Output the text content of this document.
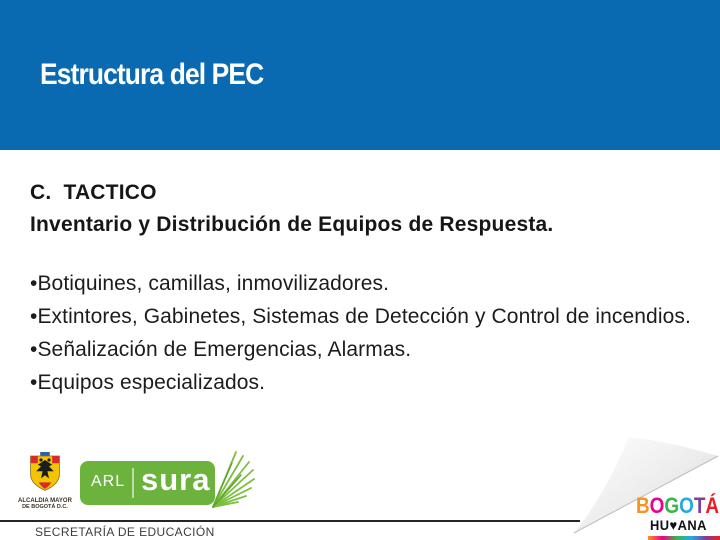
Estructura del PEC
C.  TACTICO
Inventario y Distribución de Equipos de Respuesta.
•Botiquines, camillas, inmovilizadores.
•Extintores, Gabinetes, Sistemas de Detección y Control de incendios.
•Señalización de Emergencias, Alarmas.
•Equipos especializados.
ALCALDIA MAYOR
DE BOGOTÁ D.C.
ARL sura
SECRETARÍA DE EDUCACIÓN
B O G O T Á
HU ♥ ANA
